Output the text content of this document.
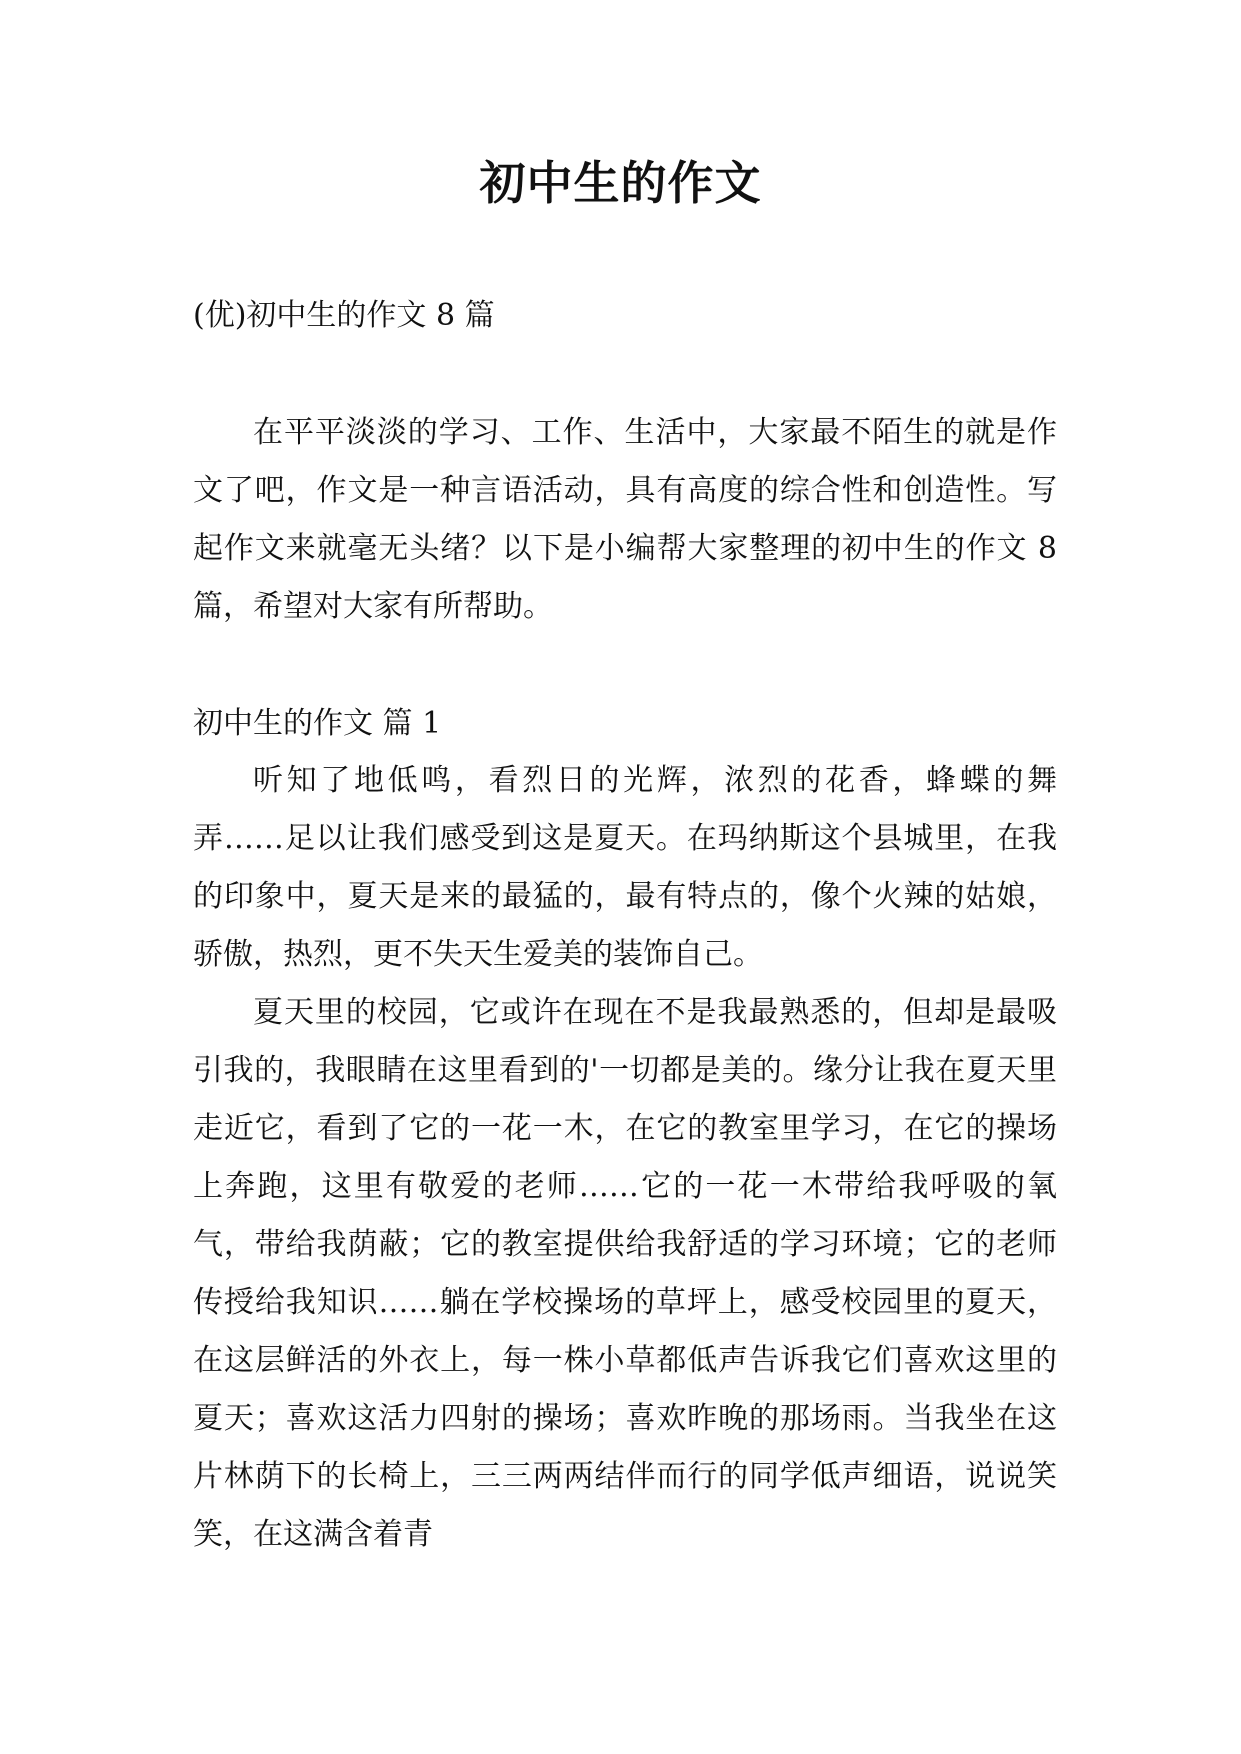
初中生的作文
(优)初中生的作文 8 篇

在平平淡淡的学习、工作、生活中，大家最不陌生的就是作文了吧，作文是一种言语活动，具有高度的综合性和创造性。写起作文来就毫无头绪？以下是小编帮大家整理的初中生的作文 8 篇，希望对大家有所帮助。

初中生的作文 篇 1

听知了地低鸣，看烈日的光辉，浓烈的花香，蜂蝶的舞弄……足以让我们感受到这是夏天。在玛纳斯这个县城里，在我的印象中，夏天是来的最猛的，最有特点的，像个火辣的姑娘，骄傲，热烈，更不失天生爱美的装饰自己。

夏天里的校园，它或许在现在不是我最熟悉的，但却是最吸引我的，我眼睛在这里看到的'一切都是美的。缘分让我在夏天里走近它，看到了它的一花一木，在它的教室里学习，在它的操场上奔跑，这里有敬爱的老师……它的一花一木带给我呼吸的氧气，带给我荫蔽；它的教室提供给我舒适的学习环境；它的老师传授给我知识……躺在学校操场的草坪上，感受校园里的夏天，在这层鲜活的外衣上，每一株小草都低声告诉我它们喜欢这里的夏天；喜欢这活力四射的操场；喜欢昨晚的那场雨。当我坐在这片林荫下的长椅上，三三两两结伴而行的同学低声细语，说说笑笑，在这满含着青
